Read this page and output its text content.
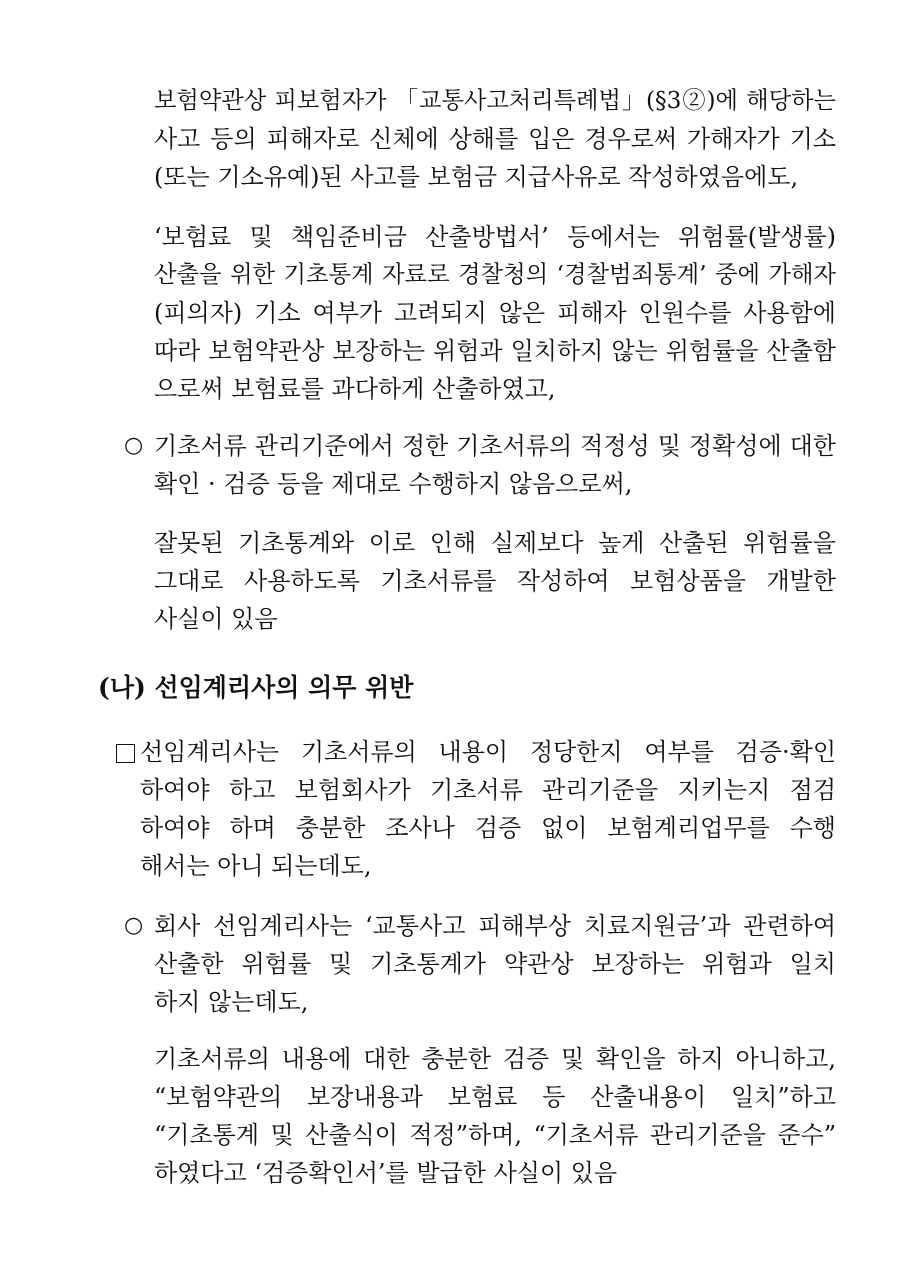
보험약관상 피보험자가 「교통사고처리특례법」(§3②)에 해당하는
사고 등의 피해자로 신체에 상해를 입은 경우로써 가해자가 기소
(또는 기소유예)된 사고를 보험금 지급사유로 작성하였음에도,
‘보험료 및 책임준비금 산출방법서’ 등에서는 위험률(발생률)
산출을 위한 기초통계 자료로 경찰청의 ‘경찰범죄통계’ 중에 가해자
(피의자) 기소 여부가 고려되지 않은 피해자 인원수를 사용함에
따라 보험약관상 보장하는 위험과 일치하지 않는 위험률을 산출함
으로써 보험료를 과다하게 산출하였고,
○ 기초서류 관리기준에서 정한 기초서류의 적정성 및 정확성에 대한
확인 · 검증 등을 제대로 수행하지 않음으로써,
잘못된 기초통계와 이로 인해 실제보다 높게 산출된 위험률을
그대로 사용하도록 기초서류를 작성하여 보험상품을 개발한
사실이 있음
(나) 선임계리사의 의무 위반
선임계리사는 기초서류의 내용이 정당한지 여부를 검증·확인
하여야 하고 보험회사가 기초서류 관리기준을 지키는지 점검
하여야 하며 충분한 조사나 검증 없이 보험계리업무를 수행
해서는 아니 되는데도,
○ 회사 선임계리사는 ‘교통사고 피해부상 치료지원금’과 관련하여
산출한 위험률 및 기초통계가 약관상 보장하는 위험과 일치
하지 않는데도,
기초서류의 내용에 대한 충분한 검증 및 확인을 하지 아니하고,
“보험약관의 보장내용과 보험료 등 산출내용이 일치”하고
“기초통계 및 산출식이 적정”하며, “기초서류 관리기준을 준수”
하였다고 ‘검증확인서’를 발급한 사실이 있음
